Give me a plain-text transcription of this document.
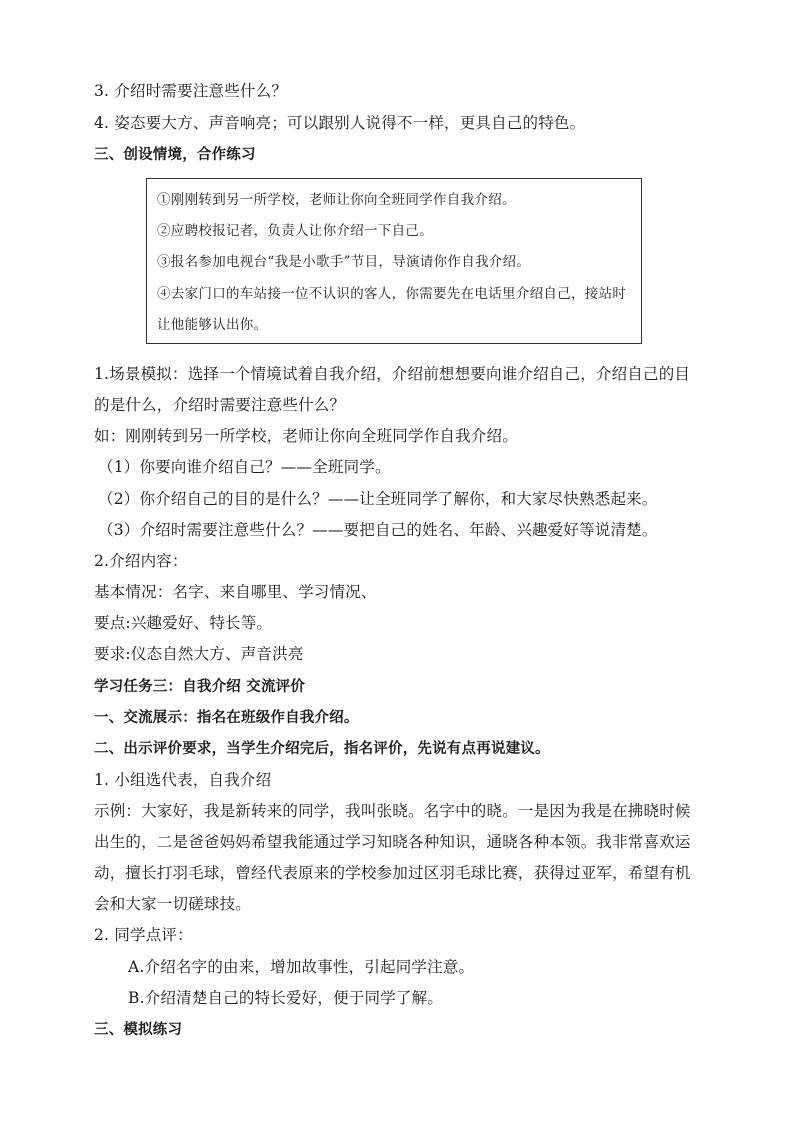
3. 介绍时需要注意些什么？
4. 姿态要大方、声音响亮；可以跟别人说得不一样，更具自己的特色。
三、创设情境，合作练习
①刚刚转到另一所学校，老师让你向全班同学作自我介绍。
②应聘校报记者，负责人让你介绍一下自己。
③报名参加电视台“我是小歌手”节目，导演请你作自我介绍。
④去家门口的车站接一位不认识的客人，你需要先在电话里介绍自己，接站时
让他能够认出你。
1.场景模拟：选择一个情境试着自我介绍，介绍前想想要向谁介绍自己，介绍自己的目
的是什么，介绍时需要注意些什么？
如：刚刚转到另一所学校，老师让你向全班同学作自我介绍。
（1）你要向谁介绍自己？——全班同学。
（2）你介绍自己的目的是什么？——让全班同学了解你，和大家尽快熟悉起来。
（3）介绍时需要注意些什么？——要把自己的姓名、年龄、兴趣爱好等说清楚。
2.介绍内容：
基本情况：名字、来自哪里、学习情况、
要点:兴趣爱好、特长等。
要求:仪态自然大方、声音洪亮
学习任务三：自我介绍 交流评价
一、交流展示：指名在班级作自我介绍。
二、出示评价要求，当学生介绍完后，指名评价，先说有点再说建议。
1. 小组选代表，自我介绍
示例：大家好，我是新转来的同学，我叫张晓。名字中的晓。一是因为我是在拂晓时候
出生的，二是爸爸妈妈希望我能通过学习知晓各种知识，通晓各种本领。我非常喜欢运
动，擅长打羽毛球，曾经代表原来的学校参加过区羽毛球比赛，获得过亚军，希望有机
会和大家一切磋球技。
2. 同学点评：
A.介绍名字的由来，增加故事性，引起同学注意。
B.介绍清楚自己的特长爱好，便于同学了解。
三、模拟练习
